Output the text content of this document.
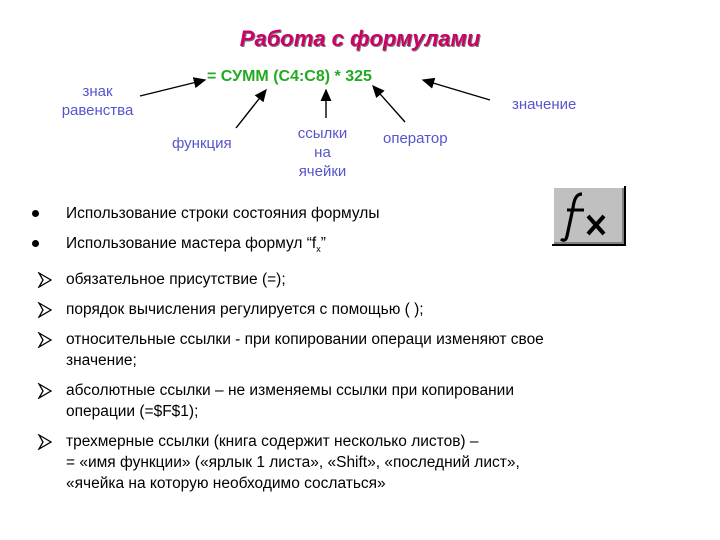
Работа с формулами
= СУММ (С4:С8) * 325
знак
равенства
функция
ссылки
на
ячейки
оператор
значение
Использование строки состояния формулы
Использование мастера формул “$f_x$”
обязательное присутствие (=);
порядок вычисления регулируется с помощью ( );
относительные ссылки - при копировании операци изменяют свое
значение;
абсолютные ссылки – не изменяемы ссылки при копировании
операции (=$F$1);
трехмерные ссылки (книга содержит несколько листов) –
= «имя функции» («ярлык 1 листа», «Shift», «последний лист»,
«ячейка на которую необходимо сослаться»
